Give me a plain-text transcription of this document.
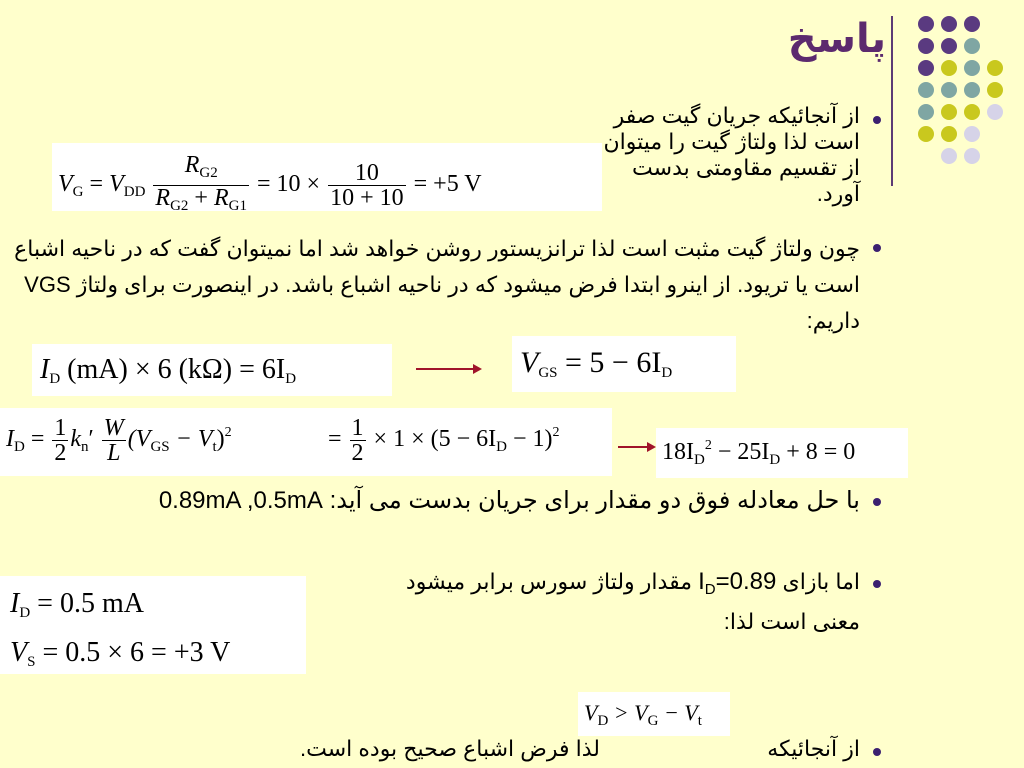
پاسخ
از آنجائیکه جریان گیت صفر است لذا ولتاژ گیت را میتوان از تقسیم مقاومتی بدست آورد.
$V_G = V_{DD} \frac{R_{G2}}{R_{G2} + R_{G1}} = 10 \times \frac{10}{10 + 10} = +5$ V
چون ولتاژ گیت مثبت است لذا ترانزیستور روشن خواهد شد اما نمیتوان گفت که در ناحیه اشباع است یا تریود. از اینرو ابتدا فرض میشود که در ناحیه اشباع باشد. در اینصورت برای ولتاژ VGS داریم:
$I_D$ (mA) × 6 $(k\Omega) = 6I_D$	$V_{GS} = 5 - 6I_D$
$I_D = \frac{1}{2} k_n' \frac{W}{L} (V_{GS} - V_t)^2$	= $\frac{1}{2} \times 1 \times (5 - 6I_D - 1)^2$
$18I_D^2 - 25I_D + 8 = 0$
با حل معادله فوق دو مقدار برای جریان بدست می آید: 0.89mA ,0.5mA
اما بازای $I_D=0.89$ مقدار ولتاژ سورس برابر میشود
معنی است لذا:
$I_D = 0.5$ mA
$V_S = 0.5 \times 6 = +3$ V
$V_D > V_G - V_t$
از آنجائیکه
لذا فرض اشباع صحیح بوده است.
